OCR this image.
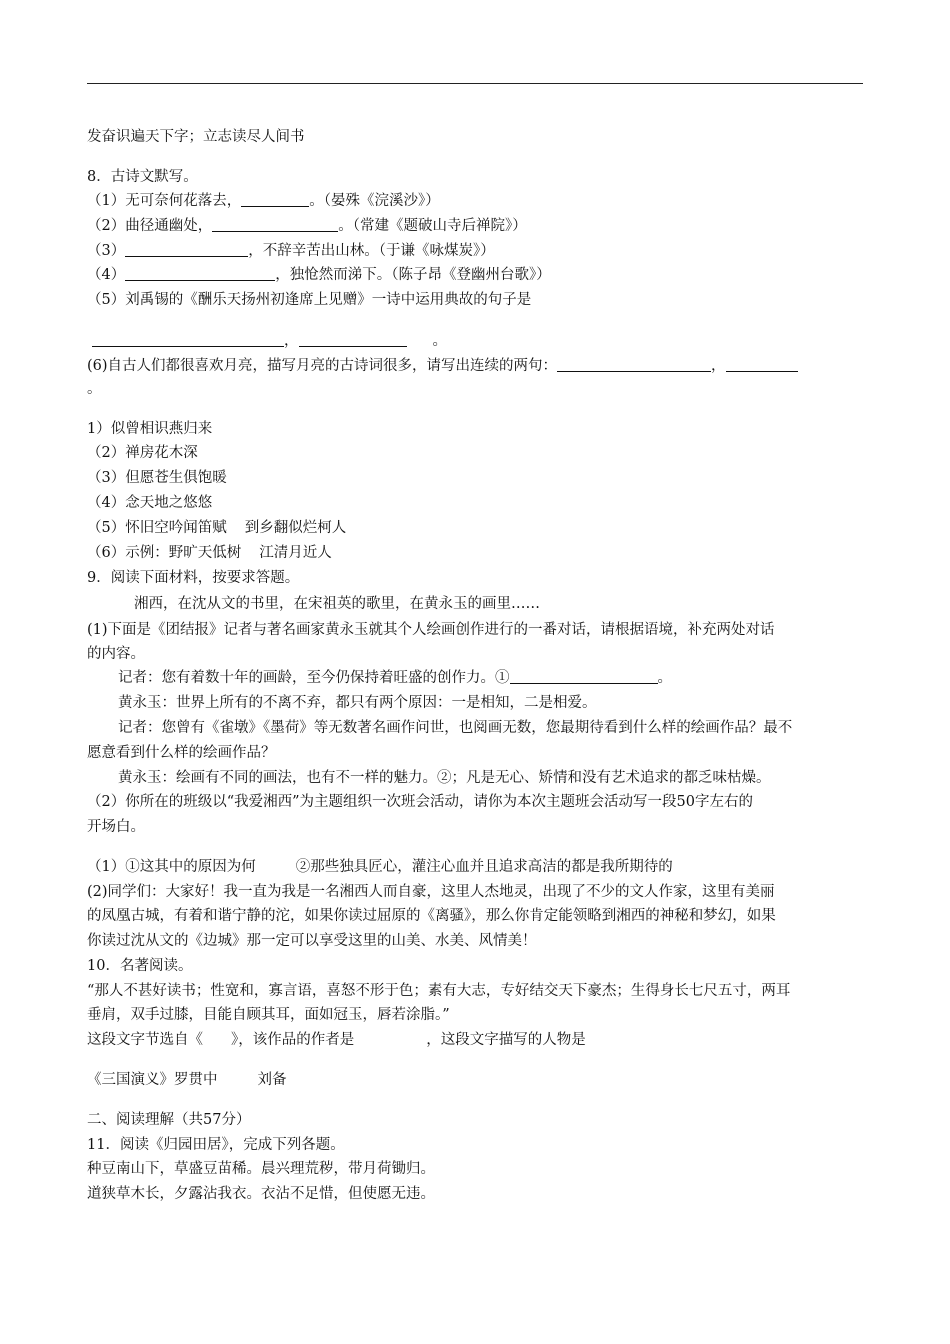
发奋识遍天下字；立志读尽人间书
8．古诗文默写。
（1）无可奈何花落去，	。（晏殊《浣溪沙》）
（2）曲径通幽处，	。（常建《题破山寺后禅院》）
（3）	，不辞辛苦出山林。（于谦《咏煤炭》）
（4）	，独怆然而涕下。（陈子昂《登幽州台歌》）
（5）刘禹锡的《酬乐天扬州初逢席上见赠》一诗中运用典故的句子是
，	。
(6)自古人们都很喜欢月亮，描写月亮的古诗词很多，请写出连续的两句：	，
。
1）似曾相识燕归来
（2）禅房花木深
（3）但愿苍生俱饱暖
（4）念天地之悠悠
（5）怀旧空吟闻笛赋 到乡翻似烂柯人
（6）示例：野旷天低树 江清月近人
9．阅读下面材料，按要求答题。
湘西，在沈从文的书里，在宋祖英的歌里，在黄永玉的画里……
(1)下面是《团结报》记者与著名画家黄永玉就其个人绘画创作进行的一番对话，请根据语境，补充两处对话
的内容。
记者：您有着数十年的画龄，至今仍保持着旺盛的创作力。①	。
黄永玉：世界上所有的不离不弃，都只有两个原因：一是相知，二是相爱。
记者：您曾有《雀墩》《墨荷》等无数著名画作问世，也阅画无数，您最期待看到什么样的绘画作品？最不
愿意看到什么样的绘画作品？
黄永玉：绘画有不同的画法，也有不一样的魅力。②；凡是无心、矫情和没有艺术追求的都乏味枯燥。
（2）你所在的班级以“我爱湘西”为主题组织一次班会活动，请你为本次主题班会活动写一段50字左右的
开场白。
（1）①这其中的原因为何	②那些独具匠心，灌注心血并且追求高洁的都是我所期待的
(2)同学们：大家好！我一直为我是一名湘西人而自豪，这里人杰地灵，出现了不少的文人作家，这里有美丽
的凤凰古城，有着和谐宁静的沱，如果你读过屈原的《离骚》，那么你肯定能领略到湘西的神秘和梦幻，如果
你读过沈从文的《边城》那一定可以享受这里的山美、水美、风情美！
10．名著阅读。
“那人不甚好读书；性宽和，寡言语，喜怒不形于色；素有大志，专好结交天下豪杰；生得身长七尺五寸，两耳
垂肩，双手过膝，目能自顾其耳，面如冠玉，唇若涂脂。”
这段文字节选自《 》，该作品的作者是	，这段文字描写的人物是
《三国演义》罗贯中	刘备
二、阅读理解（共57分）
11．阅读《归园田居》，完成下列各题。
种豆南山下，草盛豆苗稀。晨兴理荒秽，带月荷锄归。
道狭草木长，夕露沾我衣。衣沾不足惜，但使愿无违。
